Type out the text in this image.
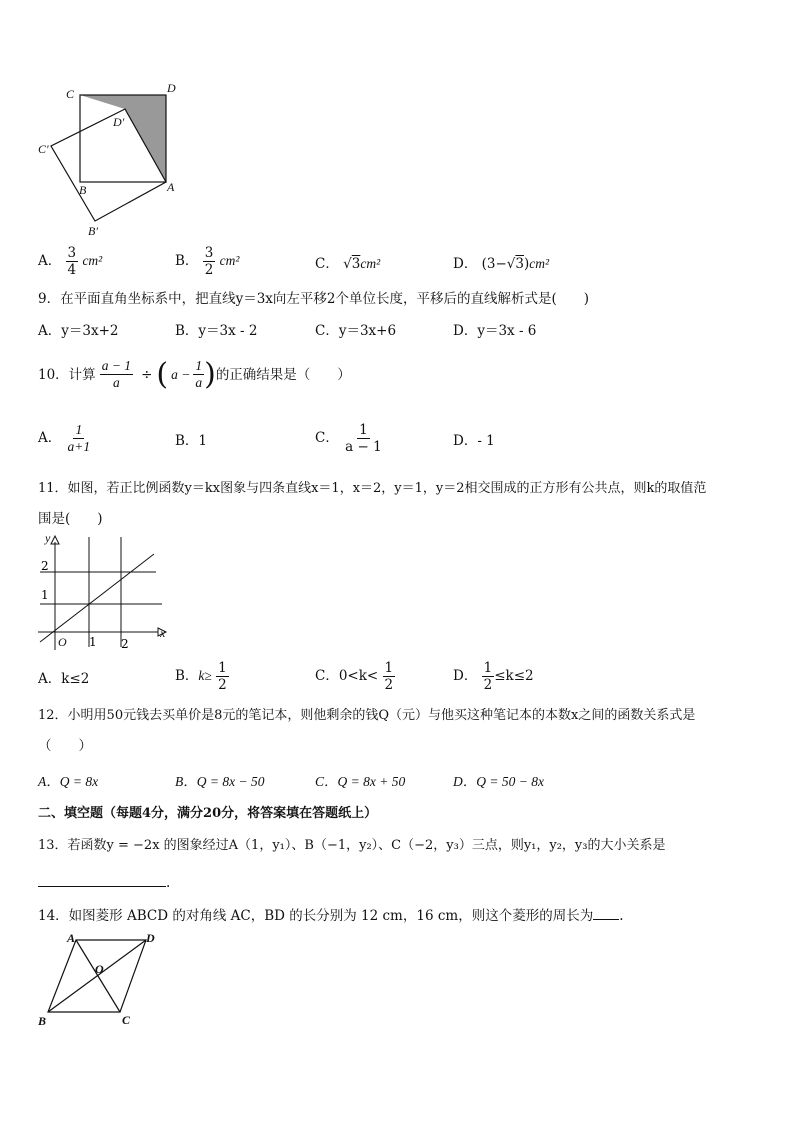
C	D
D′
C′
B	A
B′
A． $\frac{3}{4} cm^2$	B． $\frac{3}{2} cm^2$	C． √3cm²	D． (3−√3)cm²
9．在平面直角坐标系中，把直线y＝3x向左平移2个单位长度，平移后的直线解析式是(　　)
A．y＝3x+2	B．y＝3x - 2	C．y＝3x+6	D．y＝3x - 6
10．计算 $\frac{a - 1}{a}$ ÷ ( $a - \frac{1}{a}$ ) 的正确结果是（　　）
A． $\frac{1}{a+1}$	B．1	C． $\frac{1}{a - 1}$	D．- 1
11．如图，若正比例函数y＝kx图象与四条直线x＝1，x＝2，y＝1，y＝2相交围成的正方形有公共点，则k的取值范
围是(　　)
y
x
2
1
O 1 2
A．k≤2	B．$k\ge \frac{1}{2}$	C．$0<k< \frac{1}{2}$	D． $\frac{1}{2} \le k\le 2$
12．小明用50元钱去买单价是8元的笔记本，则他剩余的钱Q（元）与他买这种笔记本的本数x之间的函数关系式是
（　　）
A．Q = 8x	B．Q = 8x − 50	C．Q = 8x + 50	D．Q = 50 − 8x
二、填空题（每题4分，满分20分，将答案填在答题纸上）
13．若函数y = −2x 的图象经过A（1，y₁）、B（−1，y₂）、C（−2，y₃）三点，则y₁，y₂，y₃的大小关系是
.
14．如图菱形 ABCD 的对角线 AC，BD 的长分别为 12 cm，16 cm，则这个菱形的周长为 .
A	D
O
B	C
